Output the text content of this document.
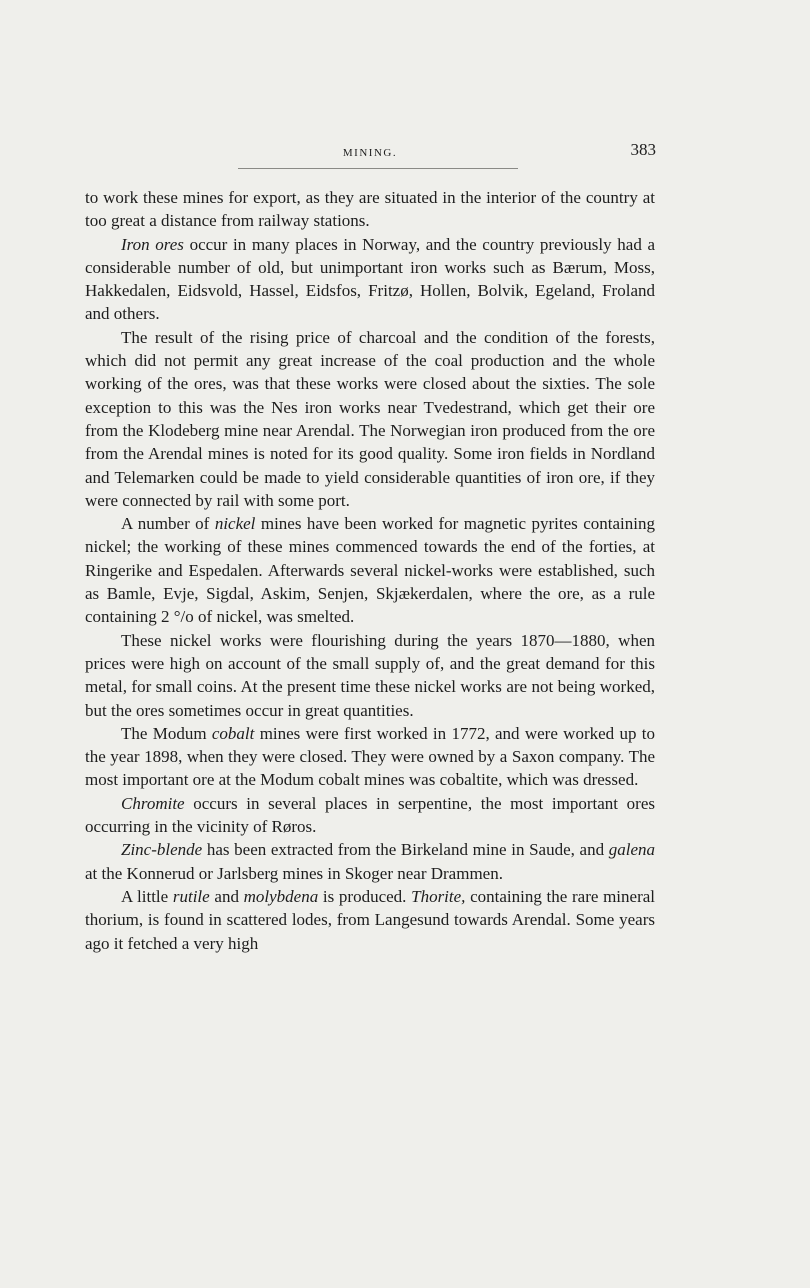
MINING.	383

to work these mines for export, as they are situated in the interior of the country at too great a distance from railway stations.

Iron ores occur in many places in Norway, and the country previously had a considerable number of old, but unimportant iron works such as Bærum, Moss, Hakkedalen, Eidsvold, Hassel, Eidsfos, Fritzø, Hollen, Bolvik, Egeland, Froland and others.

The result of the rising price of charcoal and the condition of the forests, which did not permit any great increase of the coal production and the whole working of the ores, was that these works were closed about the sixties. The sole exception to this was the Nes iron works near Tvedestrand, which get their ore from the Klodeberg mine near Arendal. The Norwegian iron produced from the ore from the Arendal mines is noted for its good quality. Some iron fields in Nordland and Telemarken could be made to yield considerable quantities of iron ore, if they were connected by rail with some port.

A number of nickel mines have been worked for magnetic pyrites containing nickel; the working of these mines commenced towards the end of the forties, at Ringerike and Espedalen. Afterwards several nickel-works were established, such as Bamle, Evje, Sigdal, Askim, Senjen, Skjækerdalen, where the ore, as a rule containing 2 °/o of nickel, was smelted.

These nickel works were flourishing during the years 1870—1880, when prices were high on account of the small supply of, and the great demand for this metal, for small coins. At the present time these nickel works are not being worked, but the ores sometimes occur in great quantities.

The Modum cobalt mines were first worked in 1772, and were worked up to the year 1898, when they were closed. They were owned by a Saxon company. The most important ore at the Modum cobalt mines was cobaltite, which was dressed.

Chromite occurs in several places in serpentine, the most important ores occurring in the vicinity of Røros.

Zinc-blende has been extracted from the Birkeland mine in Saude, and galena at the Konnerud or Jarlsberg mines in Skoger near Drammen.

A little rutile and molybdena is produced. Thorite, containing the rare mineral thorium, is found in scattered lodes, from Langesund towards Arendal. Some years ago it fetched a very high
